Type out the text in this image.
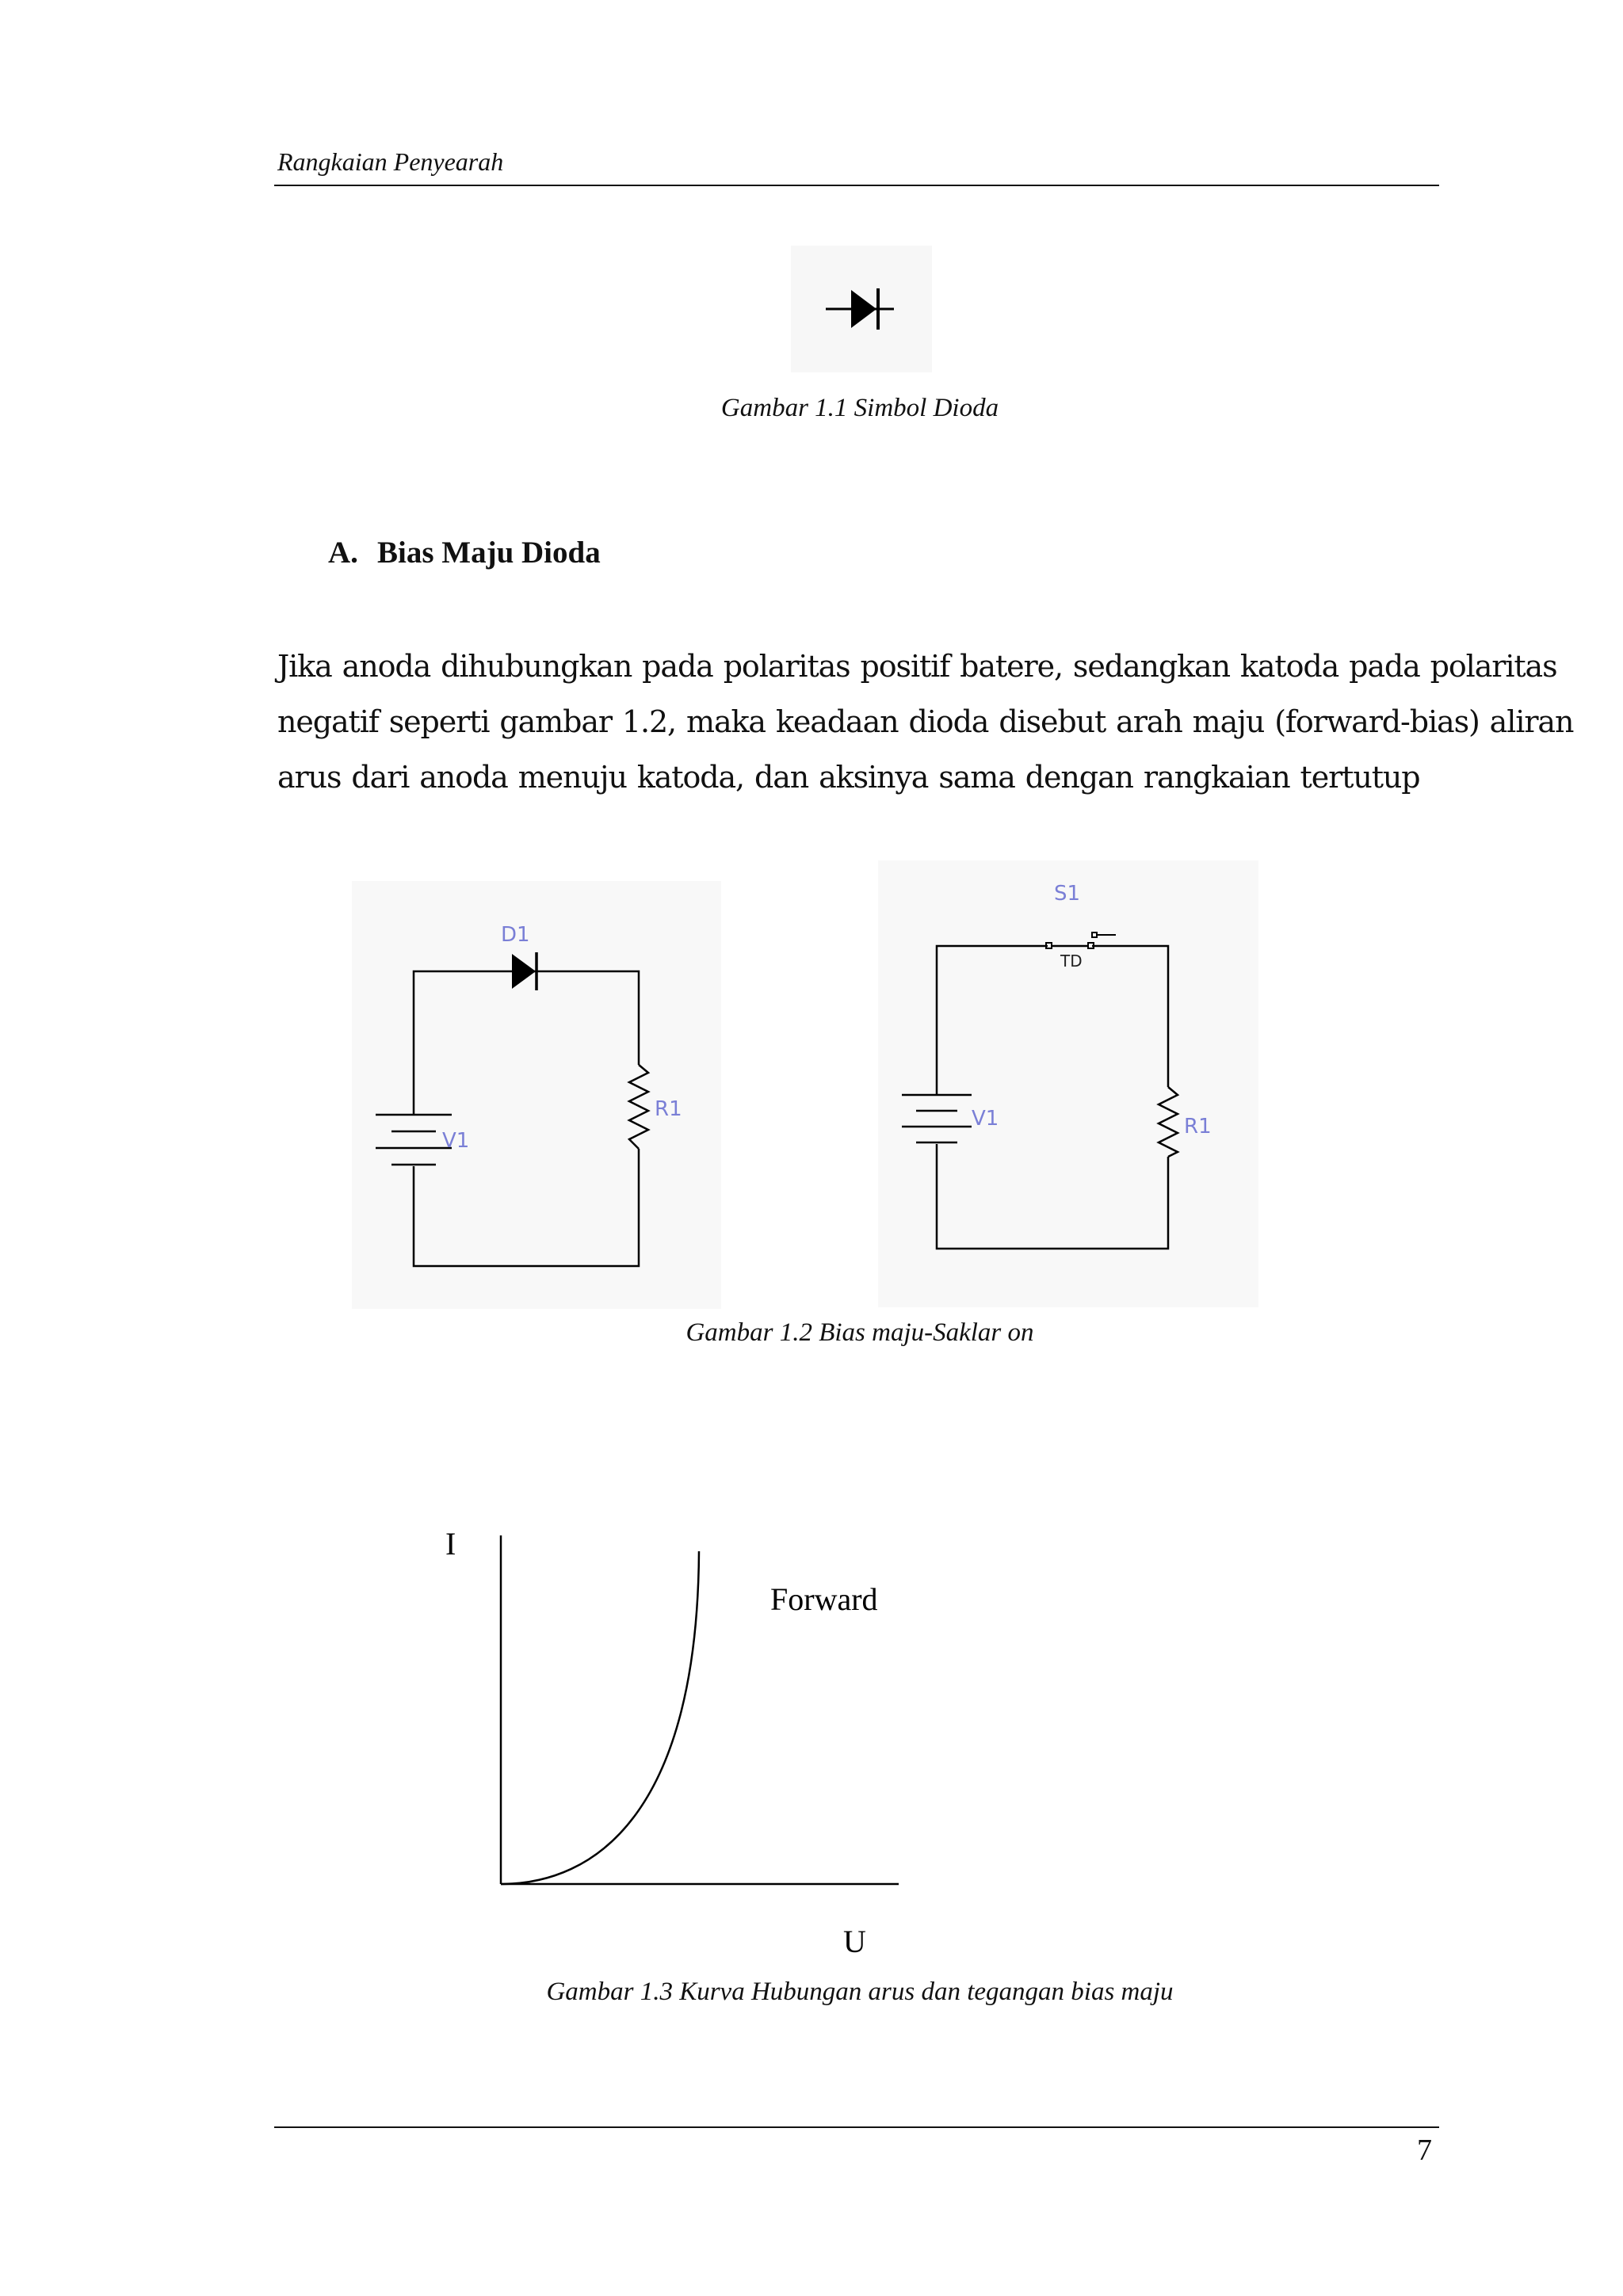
Rangkaian Penyearah
Gambar 1.1 Simbol Dioda
A. Bias Maju Dioda
Jika anoda dihubungkan pada polaritas positif batere, sedangkan katoda pada polaritas
negatif seperti gambar 1.2, maka keadaan dioda disebut arah maju (forward-bias) aliran
arus dari anoda menuju katoda, dan aksinya sama dengan rangkaian tertutup
D1
V1
R1
S1
TD
V1	R1
Gambar 1.2 Bias maju-Saklar on
I
U
Forward
Gambar 1.3 Kurva Hubungan arus dan tegangan bias maju
7
